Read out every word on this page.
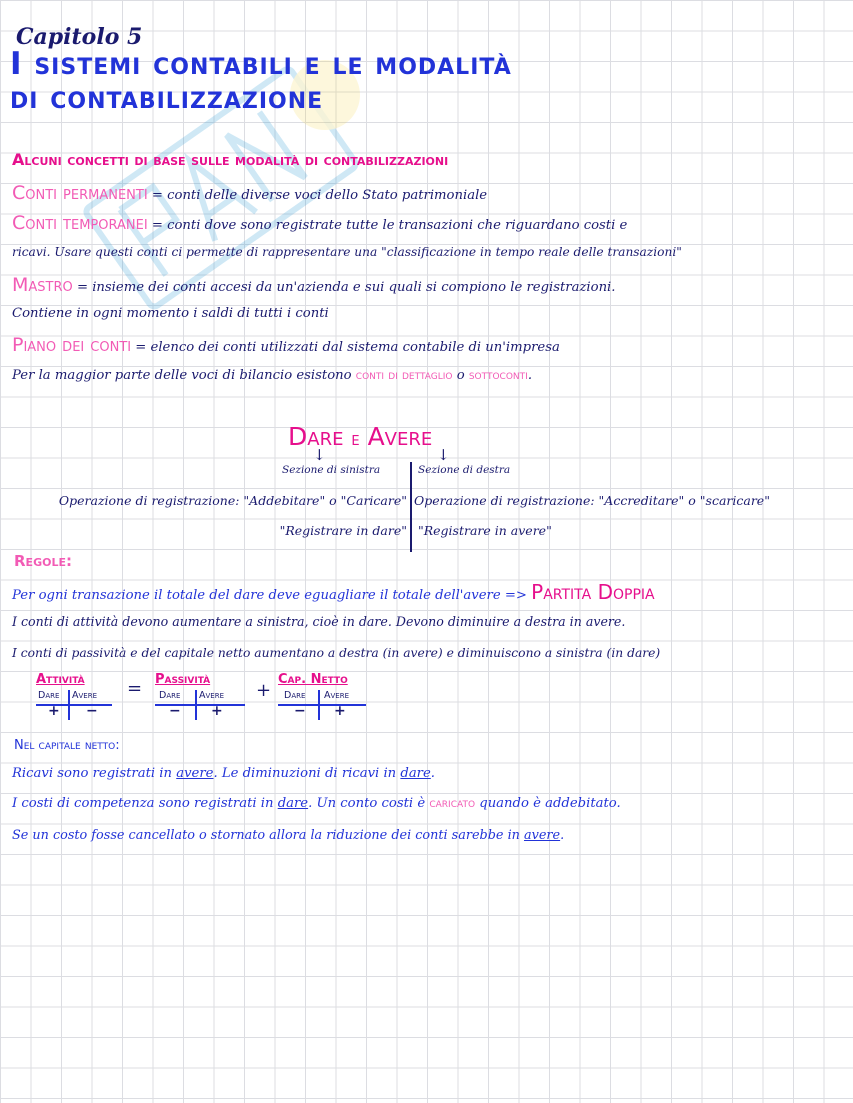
Capitolo 5
I sistemi contabili e le modalità
di contabilizzazione
Alcuni concetti di base sulle modalità di contabilizzazioni
Conti permanenti = conti delle diverse voci dello Stato patrimoniale
Conti temporanei = conti dove sono registrate tutte le transazioni che riguardano costi e
ricavi. Usare questi conti ci permette di rappresentare una "classificazione in tempo reale delle transazioni"
Mastro = insieme dei conti accesi da un'azienda e sui quali si compiono le registrazioni.
Contiene in ogni momento i saldi di tutti i conti
Piano dei conti = elenco dei conti utilizzati dal sistema contabile di un'impresa
Per la maggior parte delle voci di bilancio esistono conti di dettaglio o sottoconti.
Dare e Avere
↓	↓
Sezione di sinistra	Sezione di destra
Operazione di registrazione: "Addebitare" o "Caricare"
"Registrare in dare"
Operazione di registrazione: "Accreditare" o "scaricare"
"Registrare in avere"
Regole:
Per ogni transazione il totale del dare deve eguagliare il totale dell'avere => Partita Doppia
I conti di attività devono aumentare a sinistra, cioè in dare. Devono diminuire a destra in avere.
I conti di passività e del capitale netto aumentano a destra (in avere) e diminuiscono a sinistra (in dare)
Attività
Dare Avere
+ −
= Passività
Dare Avere
− +
+
Cap. Netto
Dare Avere
− +
Nel capitale netto:
Ricavi sono registrati in avere. Le diminuzioni di ricavi in dare.
I costi di competenza sono registrati in dare. Un conto costi è caricato quando è addebitato.
Se un costo fosse cancellato o stornato allora la riduzione dei conti sarebbe in avere.
